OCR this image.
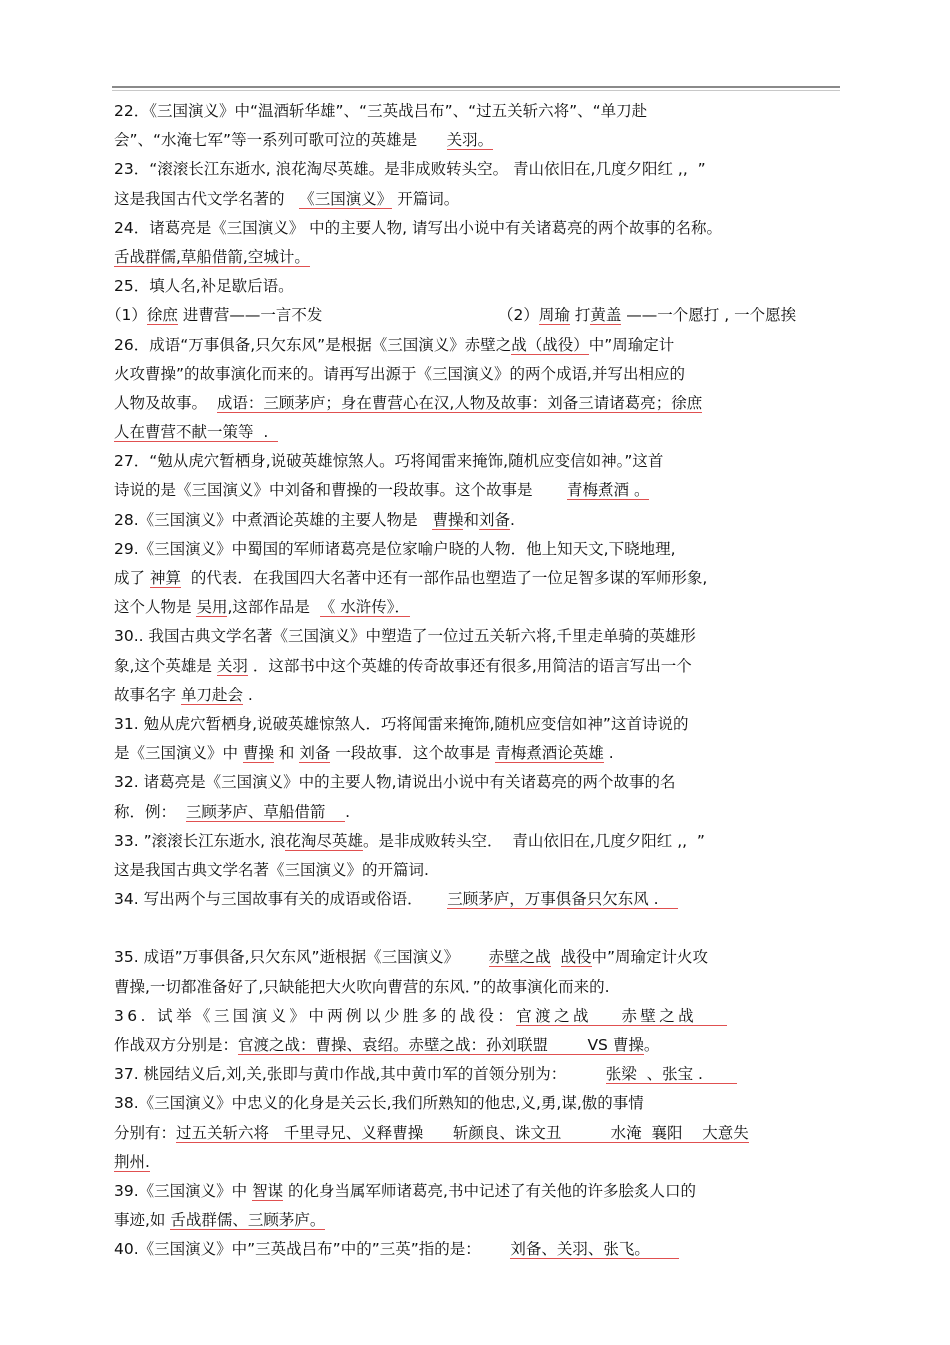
22．《三国演义》中“温酒斩华雄”、“三英战吕布”、“过五关斩六将”、“单刀赴
会”、“水淹七军”等一系列可歌可泣的英雄是 关羽。
23．“滚滚长江东逝水, 浪花淘尽英雄。是非成败转头空。 青山依旧在,几度夕阳红 ,,  ”
这是我国古代文学名著的 《三国演义》 开篇词。
24．诸葛亮是《三国演义》 中的主要人物, 请写出小说中有关诸葛亮的两个故事的名称。
舌战群儒,草船借箭,空城计。
25．填人名,补足歇后语。
（1）徐庶 进曹营——一言不发	（2）周瑜 打黄盖 ——一个愿打 , 一个愿挨
26．成语“万事俱备,只欠东风”是根据《三国演义》赤壁之战（战役）中”周瑜定计
火攻曹操”的故事演化而来的。请再写出源于《三国演义》的两个成语,并写出相应的
人物及故事。 成语：三顾茅庐；身在曹营心在汉,人物及故事：刘备三请诸葛亮；徐庶
人在曹营不献一策等  .
27．“勉从虎穴暂栖身,说破英雄惊煞人。巧将闻雷来掩饰,随机应变信如神。”这首
诗说的是《三国演义》中刘备和曹操的一段故事。这个故事是 青梅煮酒 。
28.《三国演义》中煮酒论英雄的主要人物是 曹操和刘备.
29.《三国演义》中蜀国的军师诸葛亮是位家喻户晓的人物．他上知天文,下晓地理,
成了 神算 的代表．在我国四大名著中还有一部作品也塑造了一位足智多谋的军师形象,
这个人物是 吴用,这部作品是 《 水浒传》．
30.. 我国古典文学名著《三国演义》中塑造了一位过五关斩六将,千里走单骑的英雄形
象,这个英雄是 关羽 ．这部书中这个英雄的传奇故事还有很多,用简洁的语言写出一个
故事名字 单刀赴会 .
31. 勉从虎穴暂栖身,说破英雄惊煞人．巧将闻雷来掩饰,随机应变信如神”这首诗说的
是《三国演义》中 曹操 和 刘备 一段故事．这个故事是 青梅煮酒论英雄 .
32. 诸葛亮是《三国演义》中的主要人物,请说出小说中有关诸葛亮的两个故事的名
称．例： 三顾茅庐、草船借箭 .
33. ”滚滚长江东逝水, 浪花淘尽英雄。是非成败转头空．  青山依旧在,几度夕阳红 ,,  ”
这是我国古典文学名著《三国演义》的开篇词.
34. 写出两个与三国故事有关的成语或俗语． 三顾茅庐，万事俱备只欠东风 .
35. 成语”万事俱备,只欠东风”逝根据《三国演义》 赤壁之战 战役中”周瑜定计火攻
曹操,一切都准备好了,只缺能把大火吹向曹营的东风．”的故事演化而来的.
36. 试举《三国演义》中两例以少胜多的战役：官渡之战 赤壁之战
作战双方分别是：官渡之战：曹操、袁绍。赤壁之战：孙刘联盟	VS 曹操。
37. 桃园结义后,刘,关,张即与黄巾作战,其中黄巾军的首领分别为：	张梁 、张宝 .
38.《三国演义》中忠义的化身是关云长,我们所熟知的他忠,义,勇,谋,傲的事情
分别有：过五关斩六将   千里寻兄、义释曹操      斩颜良、诛文丑          水淹  襄阳    大意失
荆州.
39.《三国演义》中 智谋 的化身当属军师诸葛亮,书中记述了有关他的许多脍炙人口的
事迹,如 舌战群儒、三顾茅庐。
40.《三国演义》中”三英战吕布”中的”三英”指的是： 刘备、关羽、张飞。
